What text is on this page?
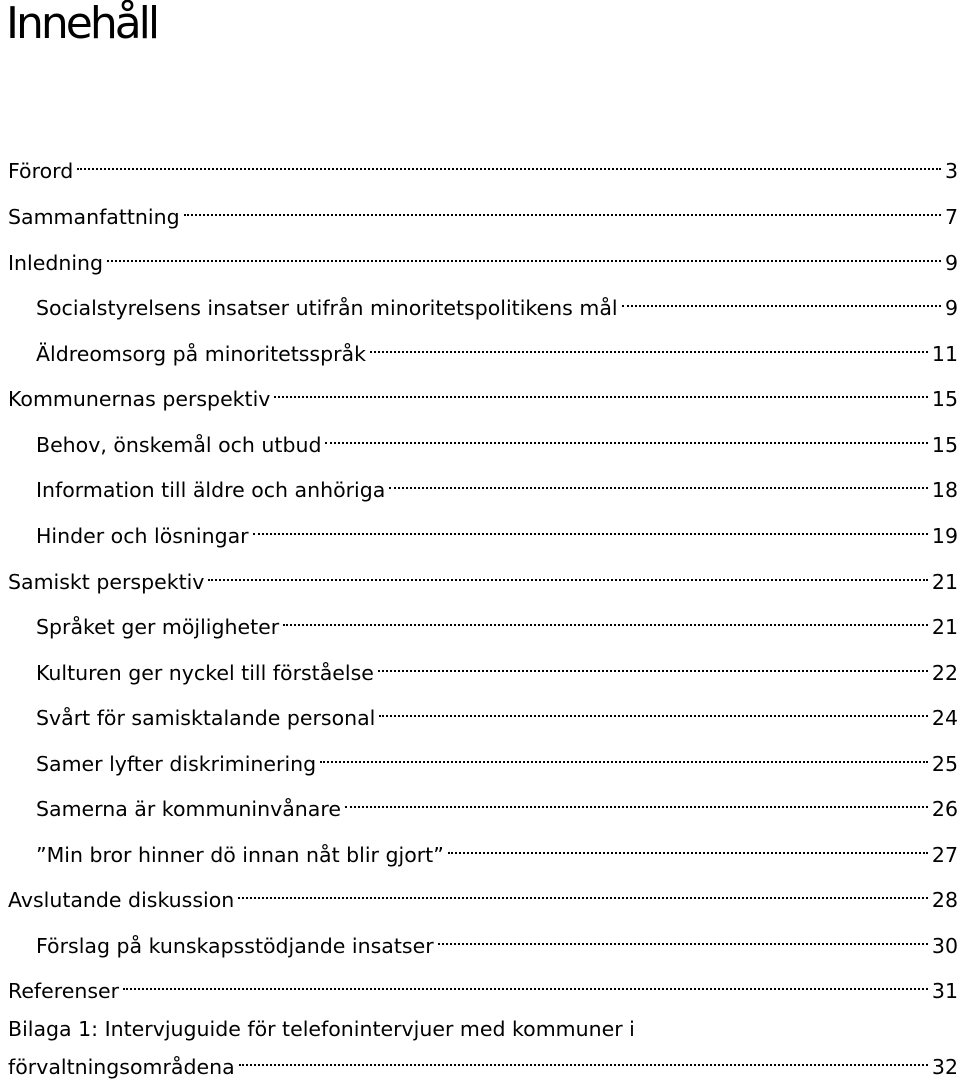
Innehåll
Förord	3
Sammanfattning	7
Inledning	9
Socialstyrelsens insatser utifrån minoritetspolitikens mål	9
Äldreomsorg på minoritetsspråk	11
Kommunernas perspektiv	15
Behov, önskemål och utbud	15
Information till äldre och anhöriga	18
Hinder och lösningar	19
Samiskt perspektiv	21
Språket ger möjligheter	21
Kulturen ger nyckel till förståelse	22
Svårt för samisktalande personal	24
Samer lyfter diskriminering	25
Samerna är kommuninvånare	26
”Min bror hinner dö innan nåt blir gjort”	27
Avslutande diskussion	28
Förslag på kunskapsstödjande insatser	30
Referenser	31
Bilaga 1: Intervjuguide för telefonintervjuer med kommuner i
förvaltningsområdena	32
